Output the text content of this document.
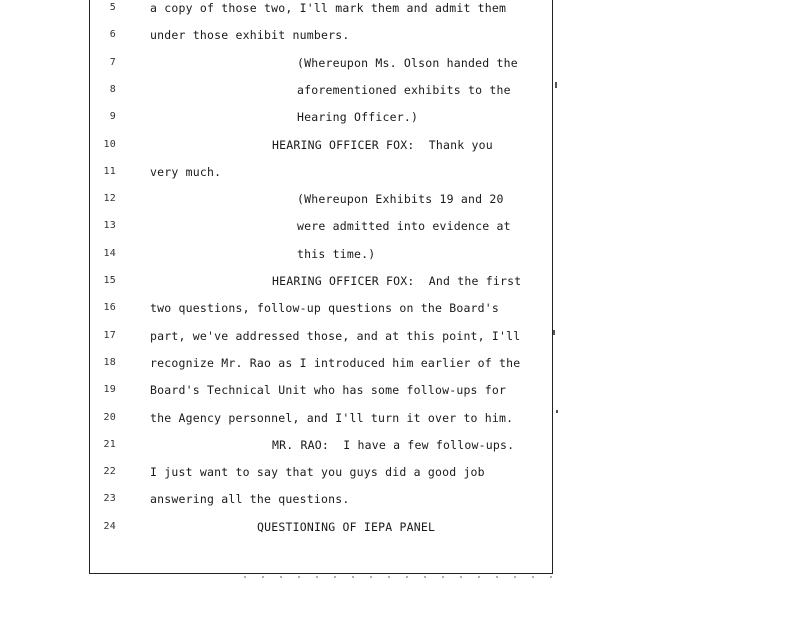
5	a copy of those two, I'll mark them and admit them
6	under those exhibit numbers.
7	(Whereupon Ms. Olson handed the
8	aforementioned exhibits to the
9	Hearing Officer.)
10	HEARING OFFICER FOX:  Thank you
11	very much.
12	(Whereupon Exhibits 19 and 20
13	were admitted into evidence at
14	this time.)
15	HEARING OFFICER FOX:  And the first
16	two questions, follow-up questions on the Board's
17	part, we've addressed those, and at this point, I'll
18	recognize Mr. Rao as I introduced him earlier of the
19	Board's Technical Unit who has some follow-ups for
20	the Agency personnel, and I'll turn it over to him.
21	MR. RAO:  I have a few follow-ups.
22	I just want to say that you guys did a good job
23	answering all the questions.
24	QUESTIONING OF IEPA PANEL
